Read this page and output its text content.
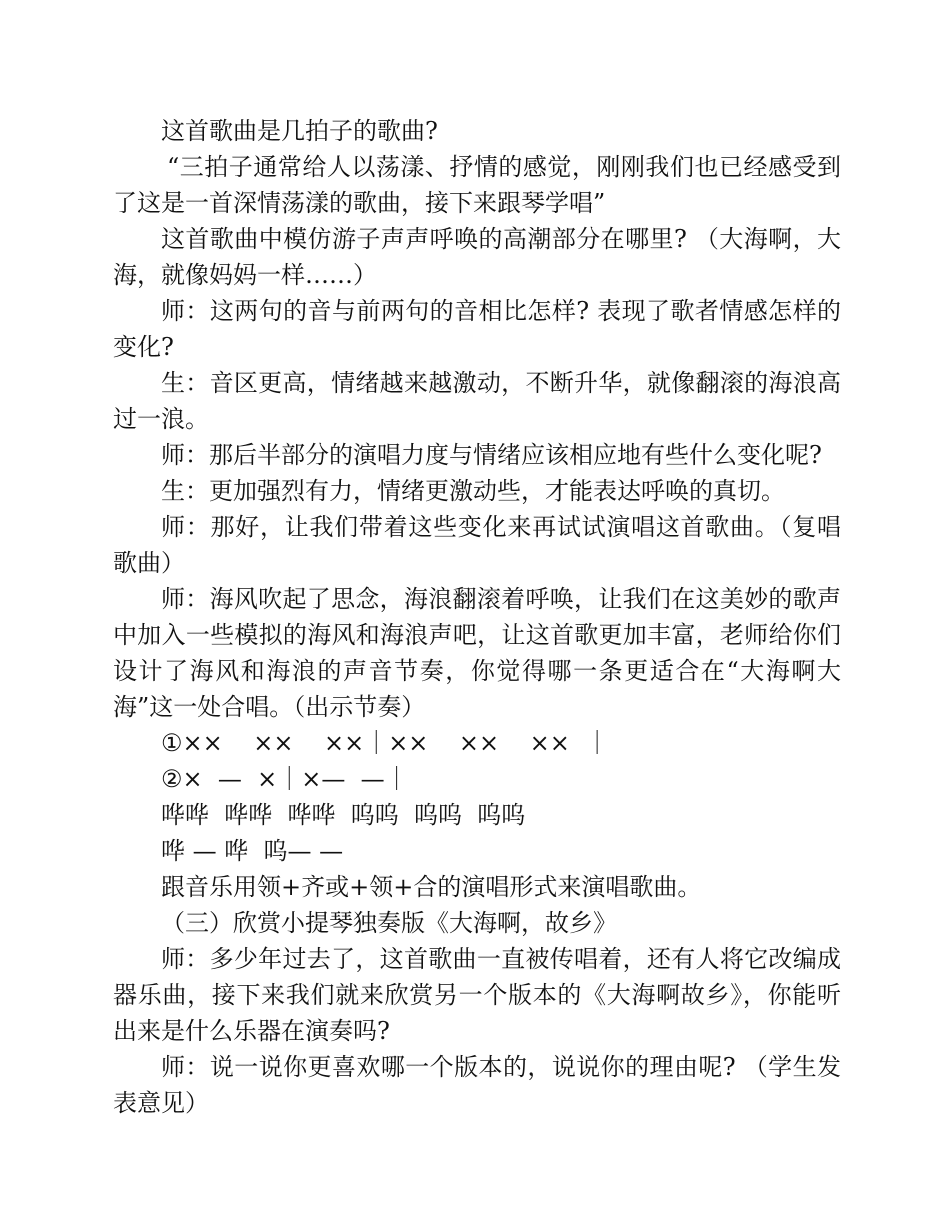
这首歌曲是几拍子的歌曲?

“三拍子通常给人以荡漾、抒情的感觉，刚刚我们也已经感受到了这是一首深情荡漾的歌曲，接下来跟琴学唱”

这首歌曲中模仿游子声声呼唤的高潮部分在哪里? （大海啊，大海，就像妈妈一样……）

师：这两句的音与前两句的音相比怎样? 表现了歌者情感怎样的变化?

生：音区更高，情绪越来越激动，不断升华，就像翻滚的海浪高过一浪。

师：那后半部分的演唱力度与情绪应该相应地有些什么变化呢?

生：更加强烈有力，情绪更激动些，才能表达呼唤的真切。

师：那好，让我们带着这些变化来再试试演唱这首歌曲。（复唱歌曲）

师：海风吹起了思念，海浪翻滚着呼唤，让我们在这美妙的歌声中加入一些模拟的海风和海浪声吧，让这首歌更加丰富，老师给你们设计了海风和海浪的声音节奏，你觉得哪一条更适合在“大海啊大海”这一处合唱。（出示节奏）

①××    ××    ××｜××    ××    ××  ｜

②×  —  ×｜×—  —｜

哗哗  哗哗  哗哗  呜呜  呜呜  呜呜

哗 — 哗  呜— —

跟音乐用领+齐或+领+合的演唱形式来演唱歌曲。

（三）欣赏小提琴独奏版《大海啊，故乡》

师：多少年过去了，这首歌曲一直被传唱着，还有人将它改编成器乐曲，接下来我们就来欣赏另一个版本的《大海啊故乡》，你能听出来是什么乐器在演奏吗?

师：说一说你更喜欢哪一个版本的，说说你的理由呢? （学生发表意见）
